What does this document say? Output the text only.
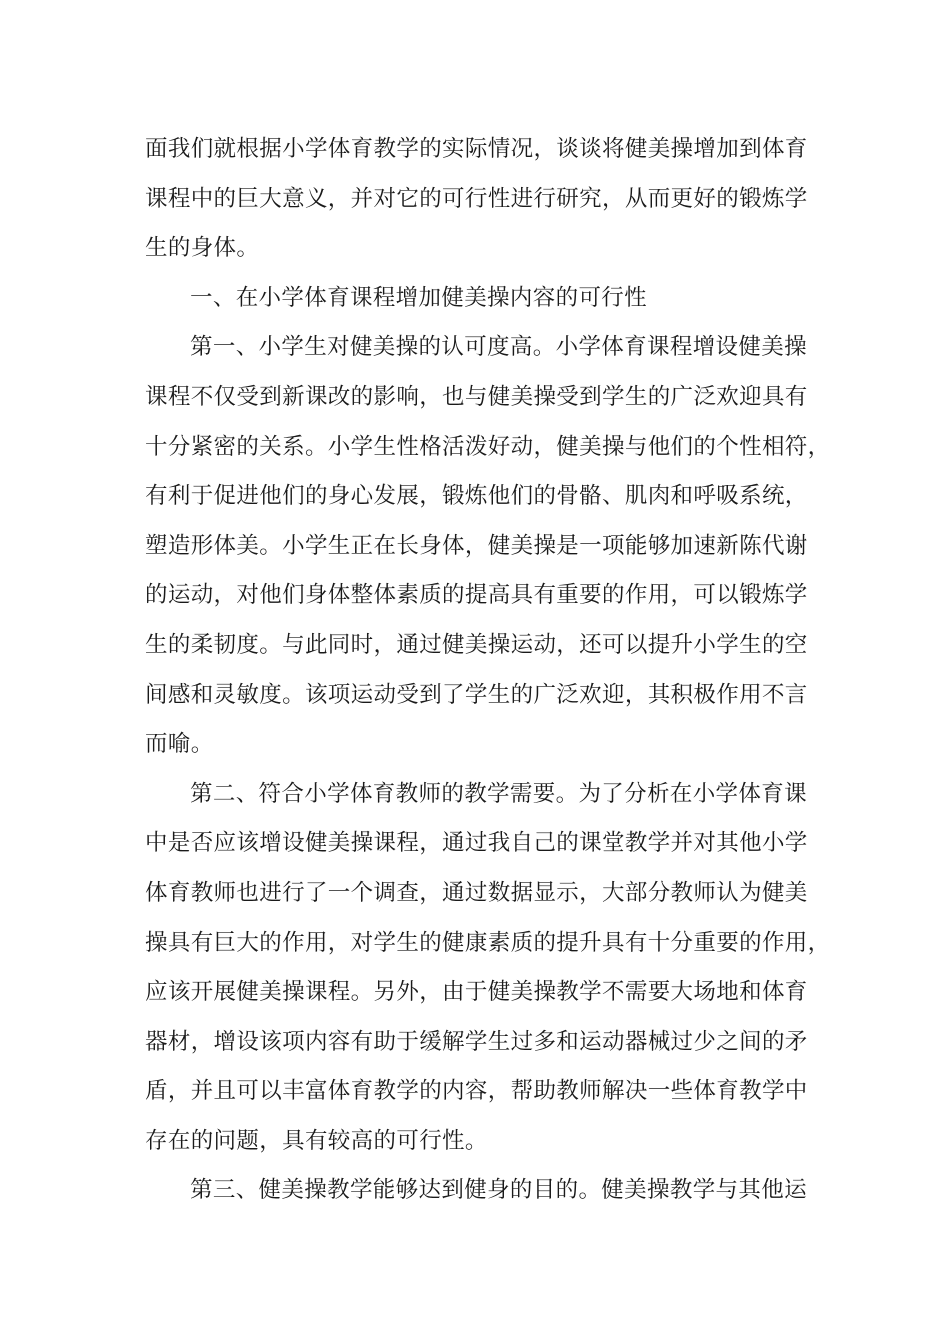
面我们就根据小学体育教学的实际情况，谈谈将健美操增加到体育
课程中的巨大意义，并对它的可行性进行研究，从而更好的锻炼学
生的身体。
一、在小学体育课程增加健美操内容的可行性
第一、小学生对健美操的认可度高。小学体育课程增设健美操
课程不仅受到新课改的影响，也与健美操受到学生的广泛欢迎具有
十分紧密的关系。小学生性格活泼好动，健美操与他们的个性相符，
有利于促进他们的身心发展，锻炼他们的骨骼、肌肉和呼吸系统，
塑造形体美。小学生正在长身体，健美操是一项能够加速新陈代谢
的运动，对他们身体整体素质的提高具有重要的作用，可以锻炼学
生的柔韧度。与此同时，通过健美操运动，还可以提升小学生的空
间感和灵敏度。该项运动受到了学生的广泛欢迎，其积极作用不言
而喻。
第二、符合小学体育教师的教学需要。为了分析在小学体育课
中是否应该增设健美操课程，通过我自己的课堂教学并对其他小学
体育教师也进行了一个调查，通过数据显示，大部分教师认为健美
操具有巨大的作用，对学生的健康素质的提升具有十分重要的作用，
应该开展健美操课程。另外，由于健美操教学不需要大场地和体育
器材，增设该项内容有助于缓解学生过多和运动器械过少之间的矛
盾，并且可以丰富体育教学的内容，帮助教师解决一些体育教学中
存在的问题，具有较高的可行性。
第三、健美操教学能够达到健身的目的。健美操教学与其他运
